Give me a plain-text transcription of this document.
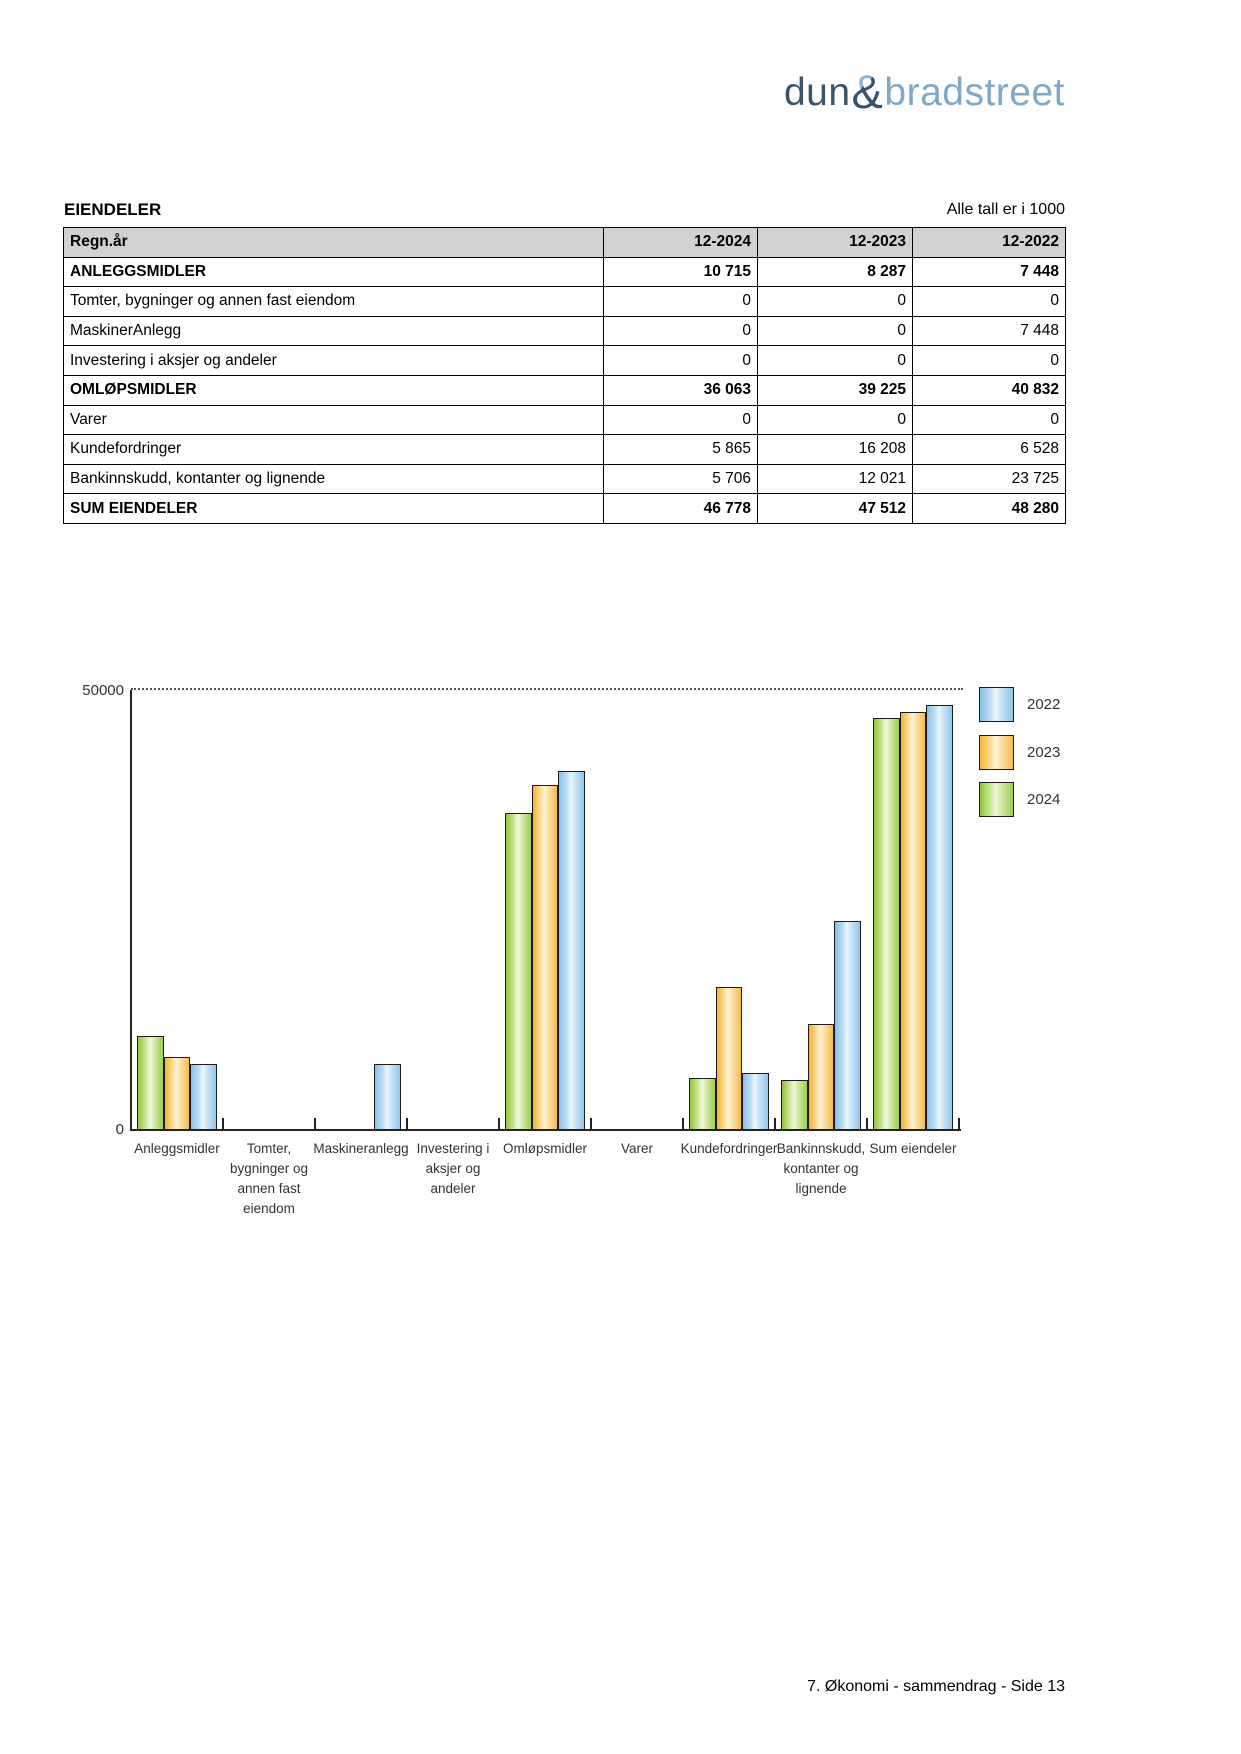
dun&bradstreet
EIENDELER	Alle tall er i 1000
Regn.år	12-2024	12-2023	12-2022
ANLEGGSMIDLER	10 715	8 287	7 448
Tomter, bygninger og annen fast eiendom	0	0	0
MaskinerAnlegg	0	0	7 448
Investering i aksjer og andeler	0	0	0
OMLØPSMIDLER	36 063	39 225	40 832
Varer	0	0	0
Kundefordringer	5 865	16 208	6 528
Bankinnskudd, kontanter og lignende	5 706	12 021	23 725
SUM EIENDELER	46 778	47 512	48 280
50000
0
2022
2023
2024
Anleggsmidler	Tomter,
bygninger og
annen fast
eiendom
Maskineranlegg Investering i
aksjer og
andeler
Omløpsmidler	Varer	Kundefordringer Bankinnskudd,
kontanter og
lignende
Sum eiendeler
7. Økonomi - sammendrag - Side 13
